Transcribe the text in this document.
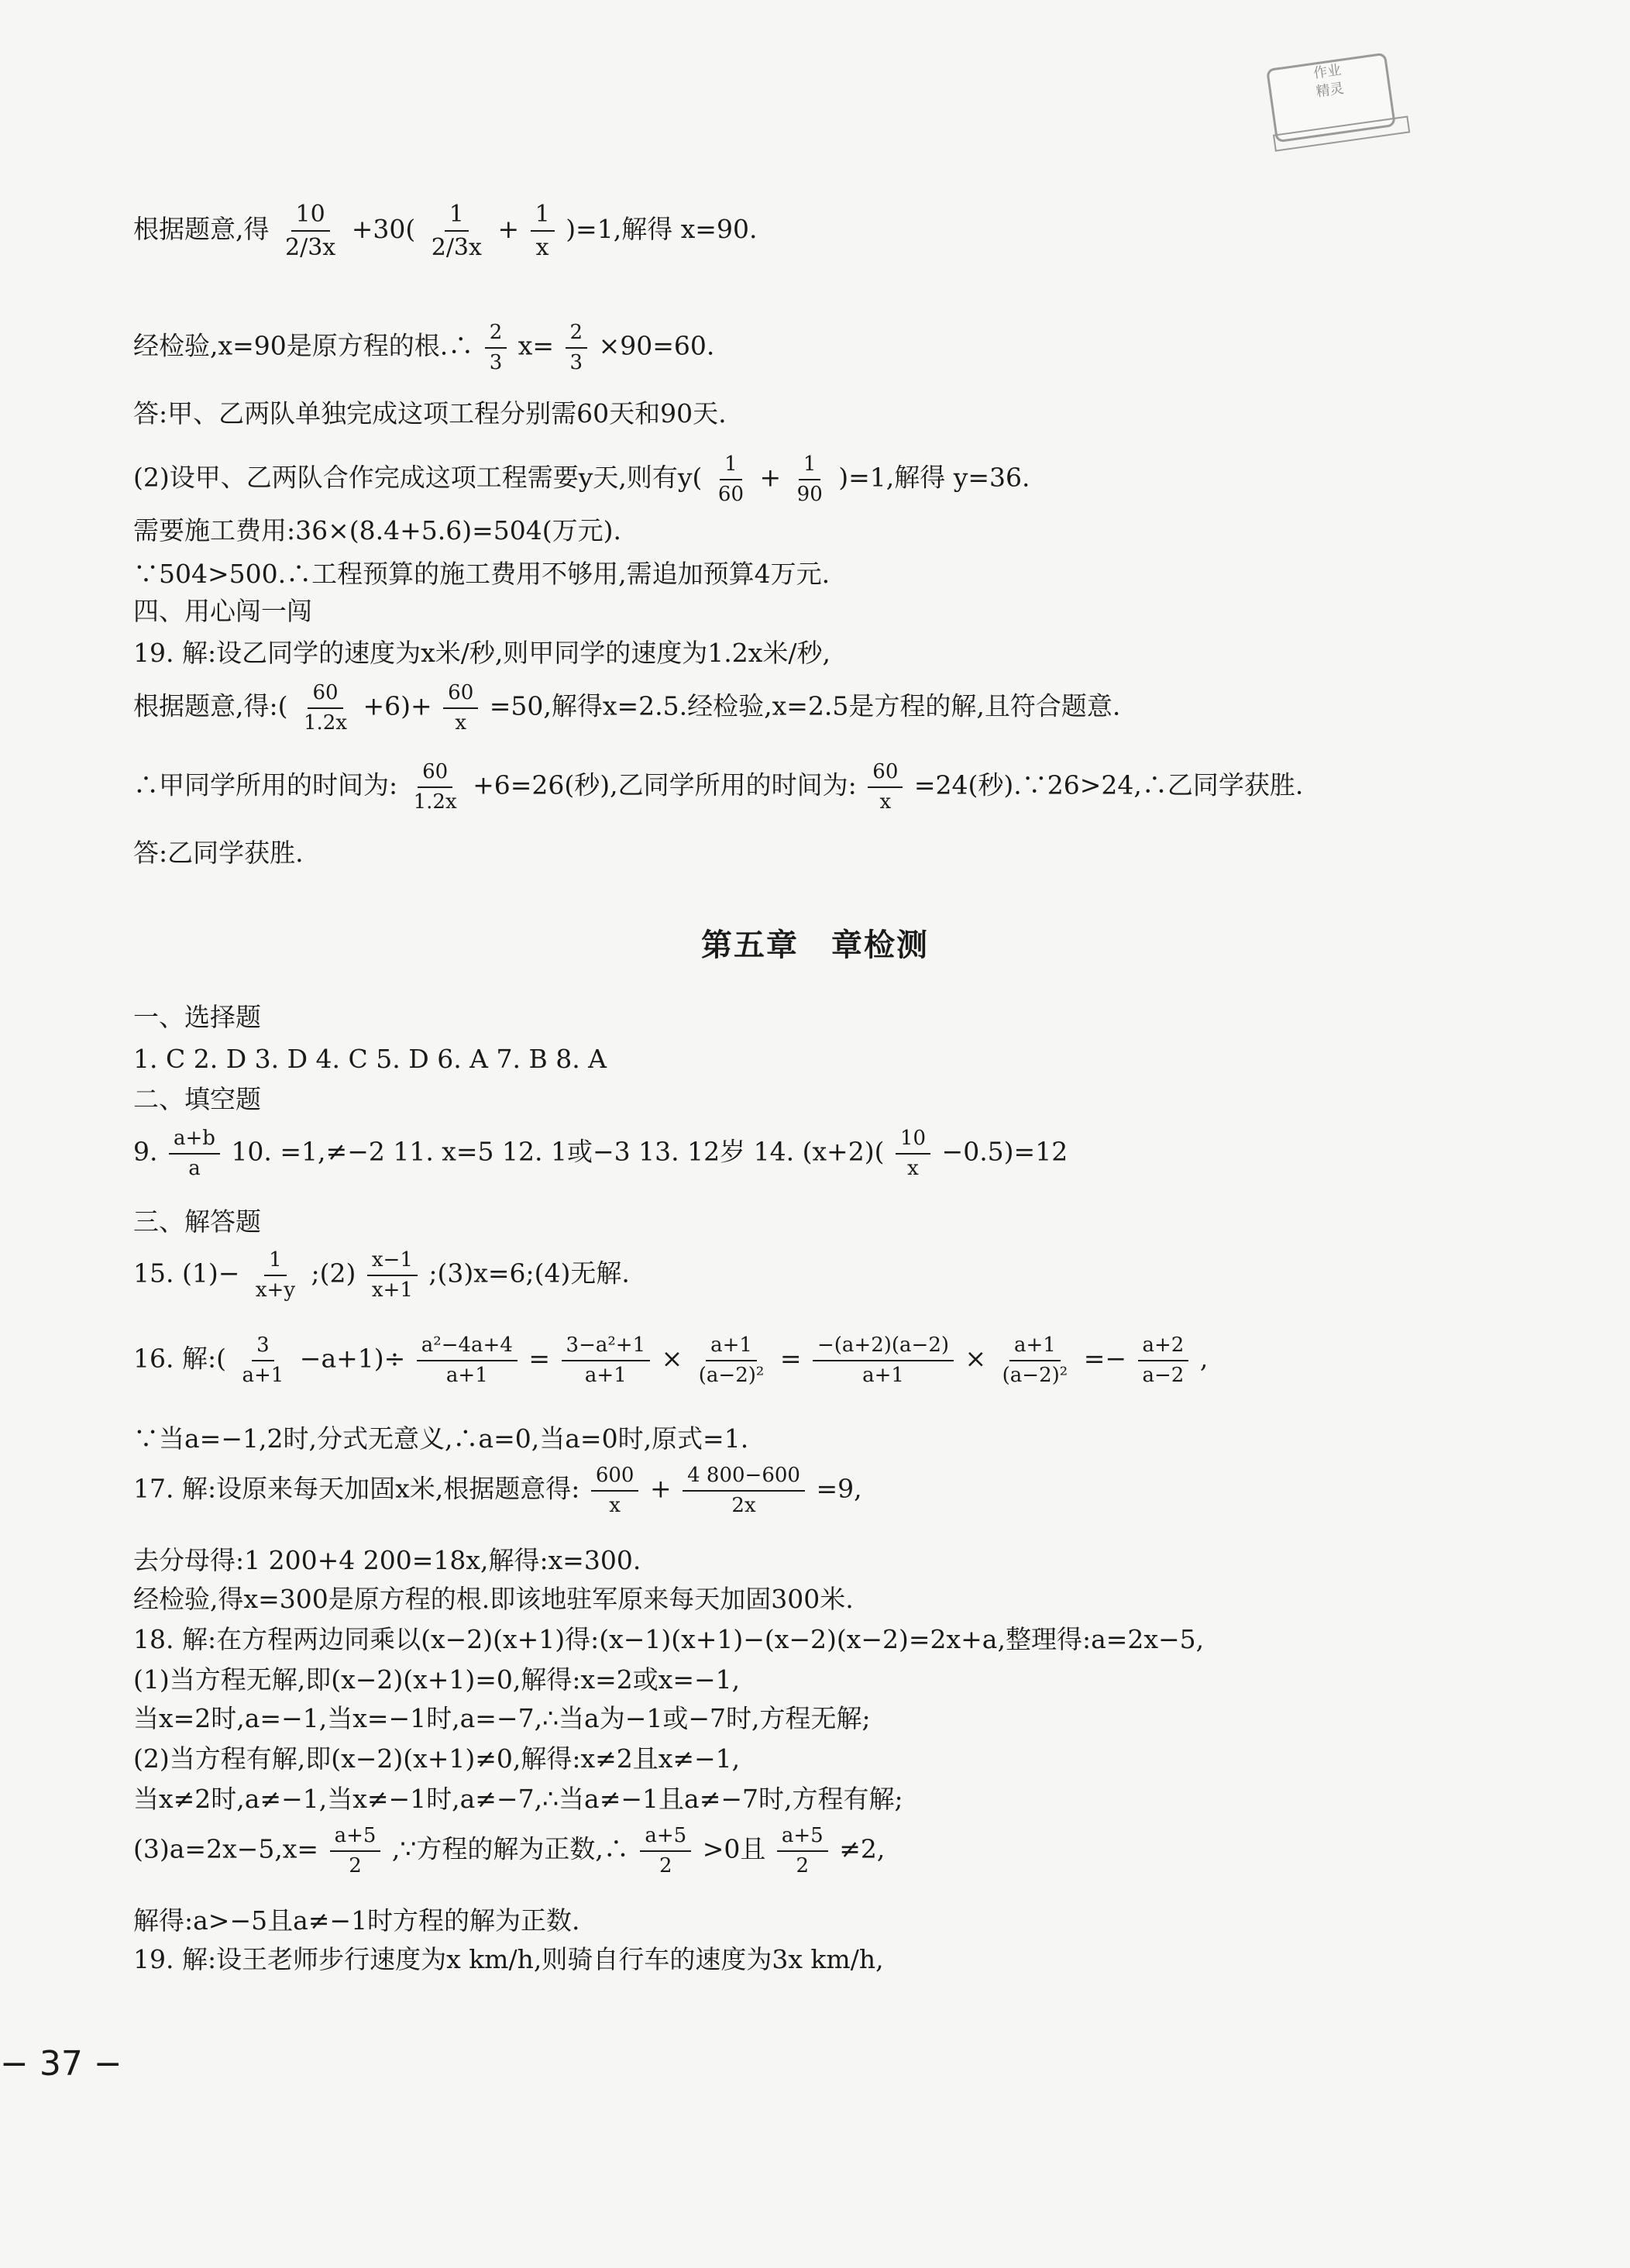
作业
精灵
根据题意,得 $\frac{10}{2/3x} +30( \frac{1}{2/3x} + \frac{1}{x} )=1$,解得 x=90.
经检验,x=90是原方程的根.∴ $\frac{2}{3} x= \frac{2}{3} \times 90=60$.
答:甲、乙两队单独完成这项工程分别需60天和90天.
(2)设甲、乙两队合作完成这项工程需要y天,则有$y( \frac{1}{60} + \frac{1}{90} )=1$,解得 y=36.
需要施工费用:36×(8.4+5.6)=504(万元).
∵504>500.∴工程预算的施工费用不够用,需追加预算4万元.
四、用心闯一闯
19. 解:设乙同学的速度为x米/秒,则甲同学的速度为1.2x米/秒,
根据题意,得:( $\frac{60}{1.2x} +6)+ \frac{60}{x} =50$,解得x=2.5.经检验,x=2.5是方程的解,且符合题意.
∴甲同学所用的时间为: $\frac{60}{1.2x} +6=26$(秒),乙同学所用的时间为: $\frac{60}{x} =24$(秒).∵26>24,∴乙同学获胜.
答:乙同学获胜.
第五章　章检测
一、选择题
1. C 2. D 3. D 4. C 5. D 6. A 7. B 8. A
二、填空题
9. $\frac{a+b}{a} 10$. =1,≠−2 11. x=5 12. 1或−3 13. 12岁 14. $(x+2)( \frac{10}{x} -0.5)=12$
三、解答题
15. $(1)- \frac{1}{x+y}$ ;(2) $\frac{x-1}{x+1}$ ;(3)x=6;(4)无解.
16. 解:( $\frac{3}{a+1} -a+1)\div \frac{\text{a²−4a+4}}{a+1} = \frac{\text{3−a²+1}}{a+1} \times \frac{a+1}{\text{(a−2)²}} = \frac{-(a+2)(a-2)}{a+1} \times \frac{a+1}{\text{(a−2)²}} =- \frac{a+2}{a-2}$ ,
∵当a=−1,2时,分式无意义,∴a=0,当a=0时,原式=1.
17. 解:设原来每天加固x米,根据题意得: $\frac{600}{x} + \frac{4 800-600}{2x} =9$,
去分母得:1 200+4 200=18x,解得:x=300.
经检验,得x=300是原方程的根.即该地驻军原来每天加固300米.
18. 解:在方程两边同乘以(x−2)(x+1)得:(x−1)(x+1)−(x−2)(x−2)=2x+a,整理得:a=2x−5,
(1)当方程无解,即(x−2)(x+1)=0,解得:x=2或x=−1,
当x=2时,a=−1,当x=−1时,a=−7,∴当a为−1或−7时,方程无解;
(2)当方程有解,即(x−2)(x+1)≠0,解得:x≠2且x≠−1,
当x≠2时,a≠−1,当x≠−1时,a≠−7,∴当a≠−1且a≠−7时,方程有解;
$(3)a=2x-5,x= \frac{a+5}{2}$ ,∵方程的解为正数,∴ $\frac{a+5}{2} >0$且 $\frac{a+5}{2} \ne 2$,
解得:a>−5且a≠−1时方程的解为正数.
19. 解:设王老师步行速度为x km/h,则骑自行车的速度为3x km/h,
− 37 −
